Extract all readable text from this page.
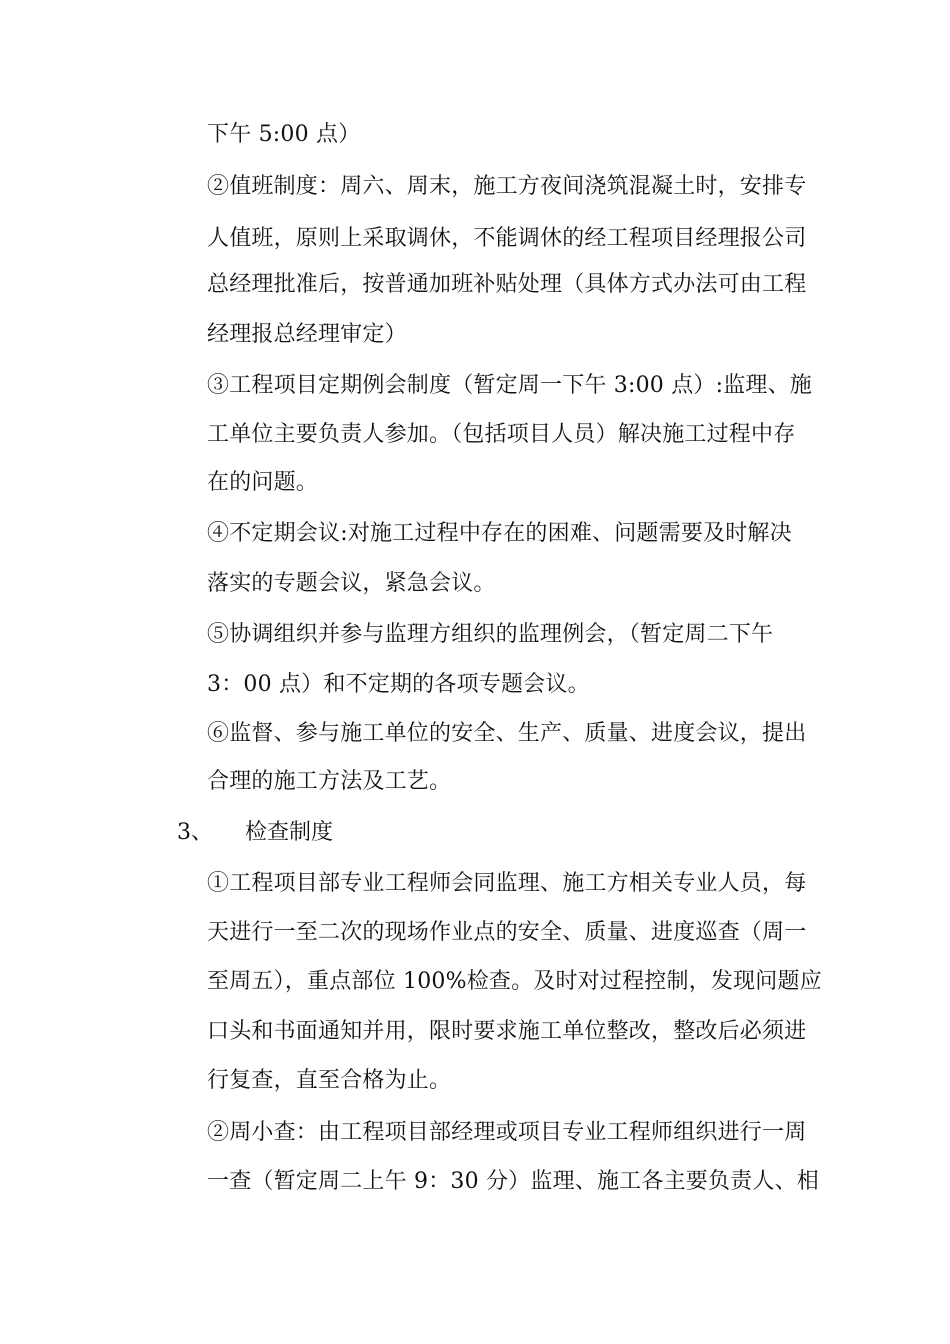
下午 5:00 点）
②值班制度：周六、周末，施工方夜间浇筑混凝土时，安排专
人值班，原则上采取调休，不能调休的经工程项目经理报公司
总经理批准后，按普通加班补贴处理（具体方式办法可由工程
经理报总经理审定）
③工程项目定期例会制度（暂定周一下午 3:00 点）:监理、施
工单位主要负责人参加。（包括项目人员）解决施工过程中存
在的问题。
④不定期会议:对施工过程中存在的困难、问题需要及时解决
落实的专题会议，紧急会议。
⑤协调组织并参与监理方组织的监理例会，（暂定周二下午
3：00 点）和不定期的各项专题会议。
⑥监督、参与施工单位的安全、生产、质量、进度会议，提出
合理的施工方法及工艺。
3、 检查制度
①工程项目部专业工程师会同监理、施工方相关专业人员，每
天进行一至二次的现场作业点的安全、质量、进度巡查（周一
至周五），重点部位 100%检查。及时对过程控制，发现问题应
口头和书面通知并用，限时要求施工单位整改，整改后必须进
行复查，直至合格为止。
②周小查：由工程项目部经理或项目专业工程师组织进行一周
一查（暂定周二上午 9：30 分）监理、施工各主要负责人、相
